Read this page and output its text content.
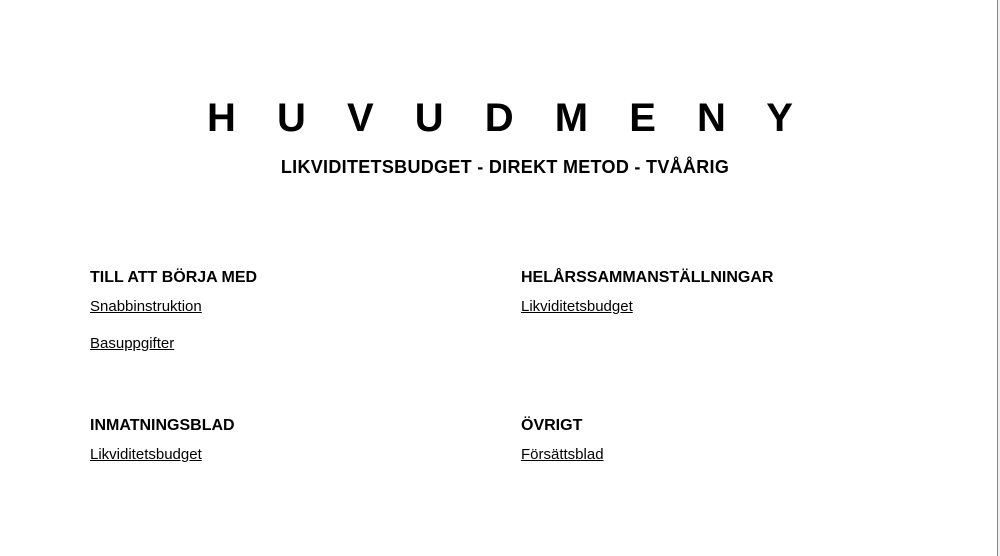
H U V U D M E N Y
LIKVIDITETSBUDGET - DIREKT METOD - TVÅÅRIG
TILL ATT BÖRJA MED
Snabbinstruktion
Basuppgifter
HELÅRSSAMMANSTÄLLNINGAR
Likviditetsbudget
INMATNINGSBLAD
Likviditetsbudget
ÖVRIGT
Försättsblad
